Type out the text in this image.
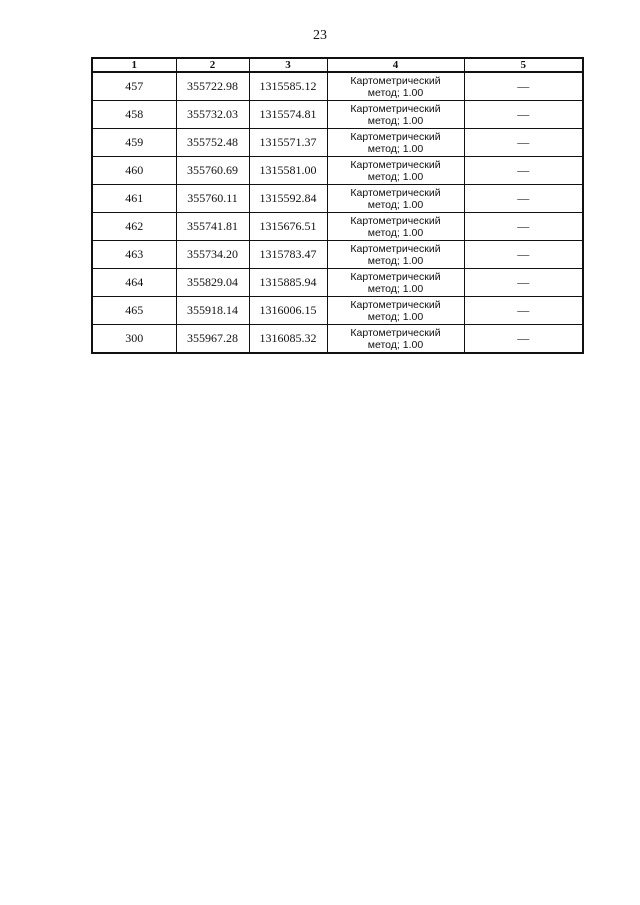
23
1	2	3	4	5
457	355722.98	1315585.12	Картометрический
метод; 1.00	—
458	355732.03	1315574.81	Картометрический
метод; 1.00	—
459	355752.48	1315571.37	Картометрический
метод; 1.00	—
460	355760.69	1315581.00	Картометрический
метод; 1.00	—
461	355760.11	1315592.84	Картометрический
метод; 1.00	—
462	355741.81	1315676.51	Картометрический
метод; 1.00	—
463	355734.20	1315783.47	Картометрический
метод; 1.00	—
464	355829.04	1315885.94	Картометрический
метод; 1.00	—
465	355918.14	1316006.15	Картометрический
метод; 1.00	—
300	355967.28	1316085.32	Картометрический
метод; 1.00	—
